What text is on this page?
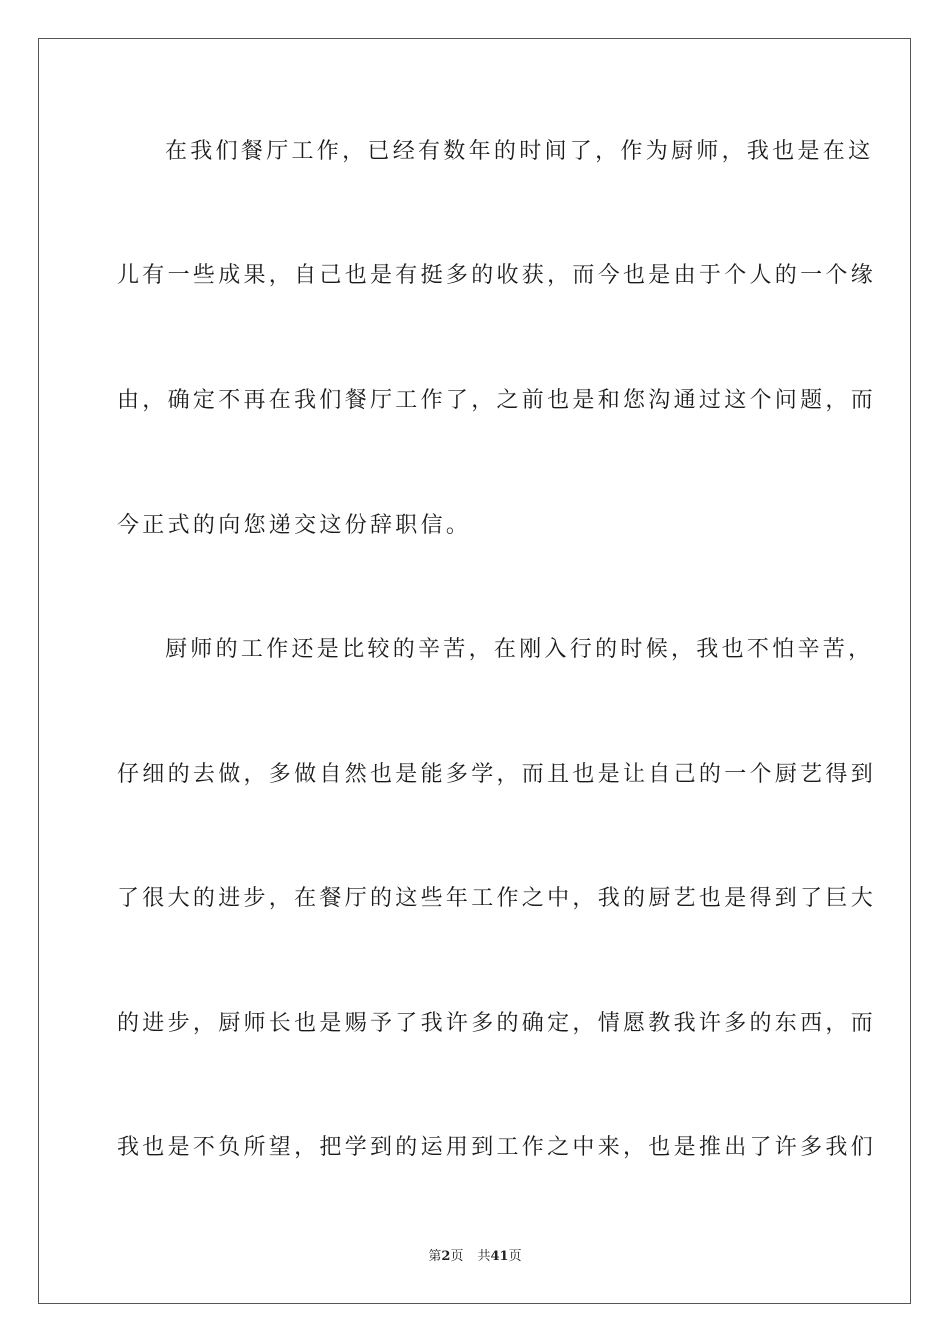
在我们餐厅工作，已经有数年的时间了，作为厨师，我也是在这
儿有一些成果，自己也是有挺多的收获，而今也是由于个人的一个缘
由，确定不再在我们餐厅工作了，之前也是和您沟通过这个问题，而
今正式的向您递交这份辞职信。
厨师的工作还是比较的辛苦，在刚入行的时候，我也不怕辛苦，
仔细的去做，多做自然也是能多学，而且也是让自己的一个厨艺得到
了很大的进步，在餐厅的这些年工作之中，我的厨艺也是得到了巨大
的进步，厨师长也是赐予了我许多的确定，情愿教我许多的东西，而
我也是不负所望，把学到的运用到工作之中来，也是推出了许多我们
第2页 共41页
